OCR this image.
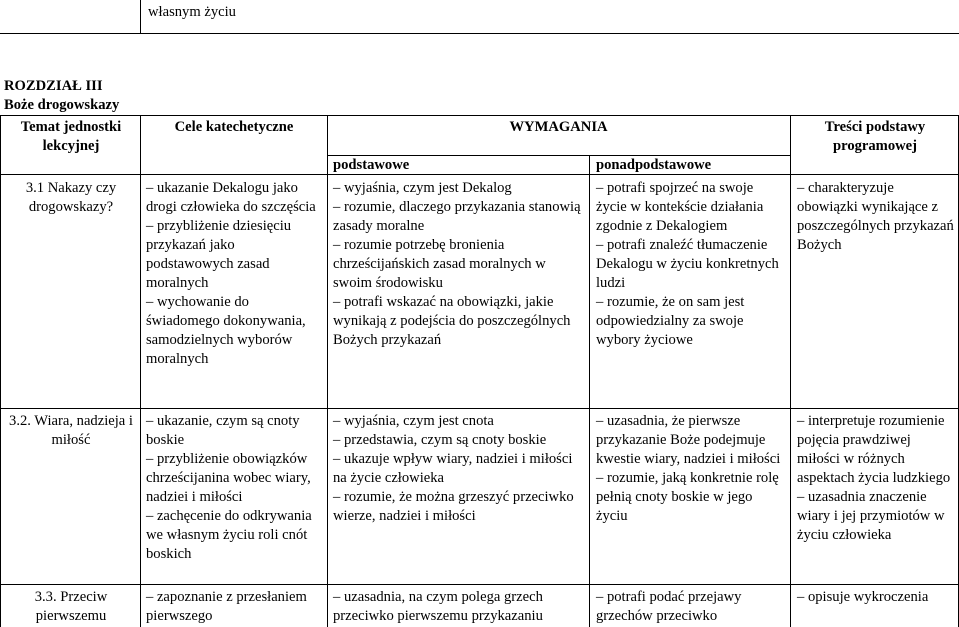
własnym życiu
ROZDZIAŁ III
Boże drogowskazy
Temat jednostki lekcyjnej
Cele katechetyczne	WYMAGANIA
podstawowe	ponadpodstawowe
Treści podstawy programowej
3.1 Nakazy czy drogowskazy?
– ukazanie Dekalogu jako drogi człowieka do szczęścia
– przybliżenie dziesięciu przykazań jako podstawowych zasad moralnych
– wychowanie do świadomego dokonywania, samodzielnych wyborów moralnych
– wyjaśnia, czym jest Dekalog
– rozumie, dlaczego przykazania stanowią zasady moralne
– rozumie potrzebę bronienia chrześcijańskich zasad moralnych w swoim środowisku
– potrafi wskazać na obowiązki, jakie wynikają z podejścia do poszczególnych Bożych przykazań
– potrafi spojrzeć na swoje życie w kontekście działania zgodnie z Dekalogiem
– potrafi znaleźć tłumaczenie Dekalogu w życiu konkretnych ludzi
– rozumie, że on sam jest odpowiedzialny za swoje wybory życiowe
– charakteryzuje obowiązki wynikające z poszczególnych przykazań Bożych
3.2. Wiara, nadzieja i miłość
– ukazanie, czym są cnoty boskie
– przybliżenie obowiązków chrześcijanina wobec wiary, nadziei i miłości
– zachęcenie do odkrywania we własnym życiu roli cnót boskich
– wyjaśnia, czym jest cnota
– przedstawia, czym są cnoty boskie
– ukazuje wpływ wiary, nadziei i miłości na życie człowieka
– rozumie, że można grzeszyć przeciwko wierze, nadziei i miłości
– uzasadnia, że pierwsze przykazanie Boże podejmuje kwestie wiary, nadziei i miłości
– rozumie, jaką konkretnie rolę pełnią cnoty boskie w jego życiu
– interpretuje rozumienie pojęcia prawdziwej miłości w różnych aspektach życia ludzkiego
– uzasadnia znaczenie wiary i jej przymiotów w życiu człowieka
3.3. Przeciw pierwszemu
– zapoznanie z przesłaniem pierwszego
– uzasadnia, na czym polega grzech przeciwko pierwszemu przykazaniu
– potrafi podać przejawy grzechów przeciwko
– opisuje wykroczenia
